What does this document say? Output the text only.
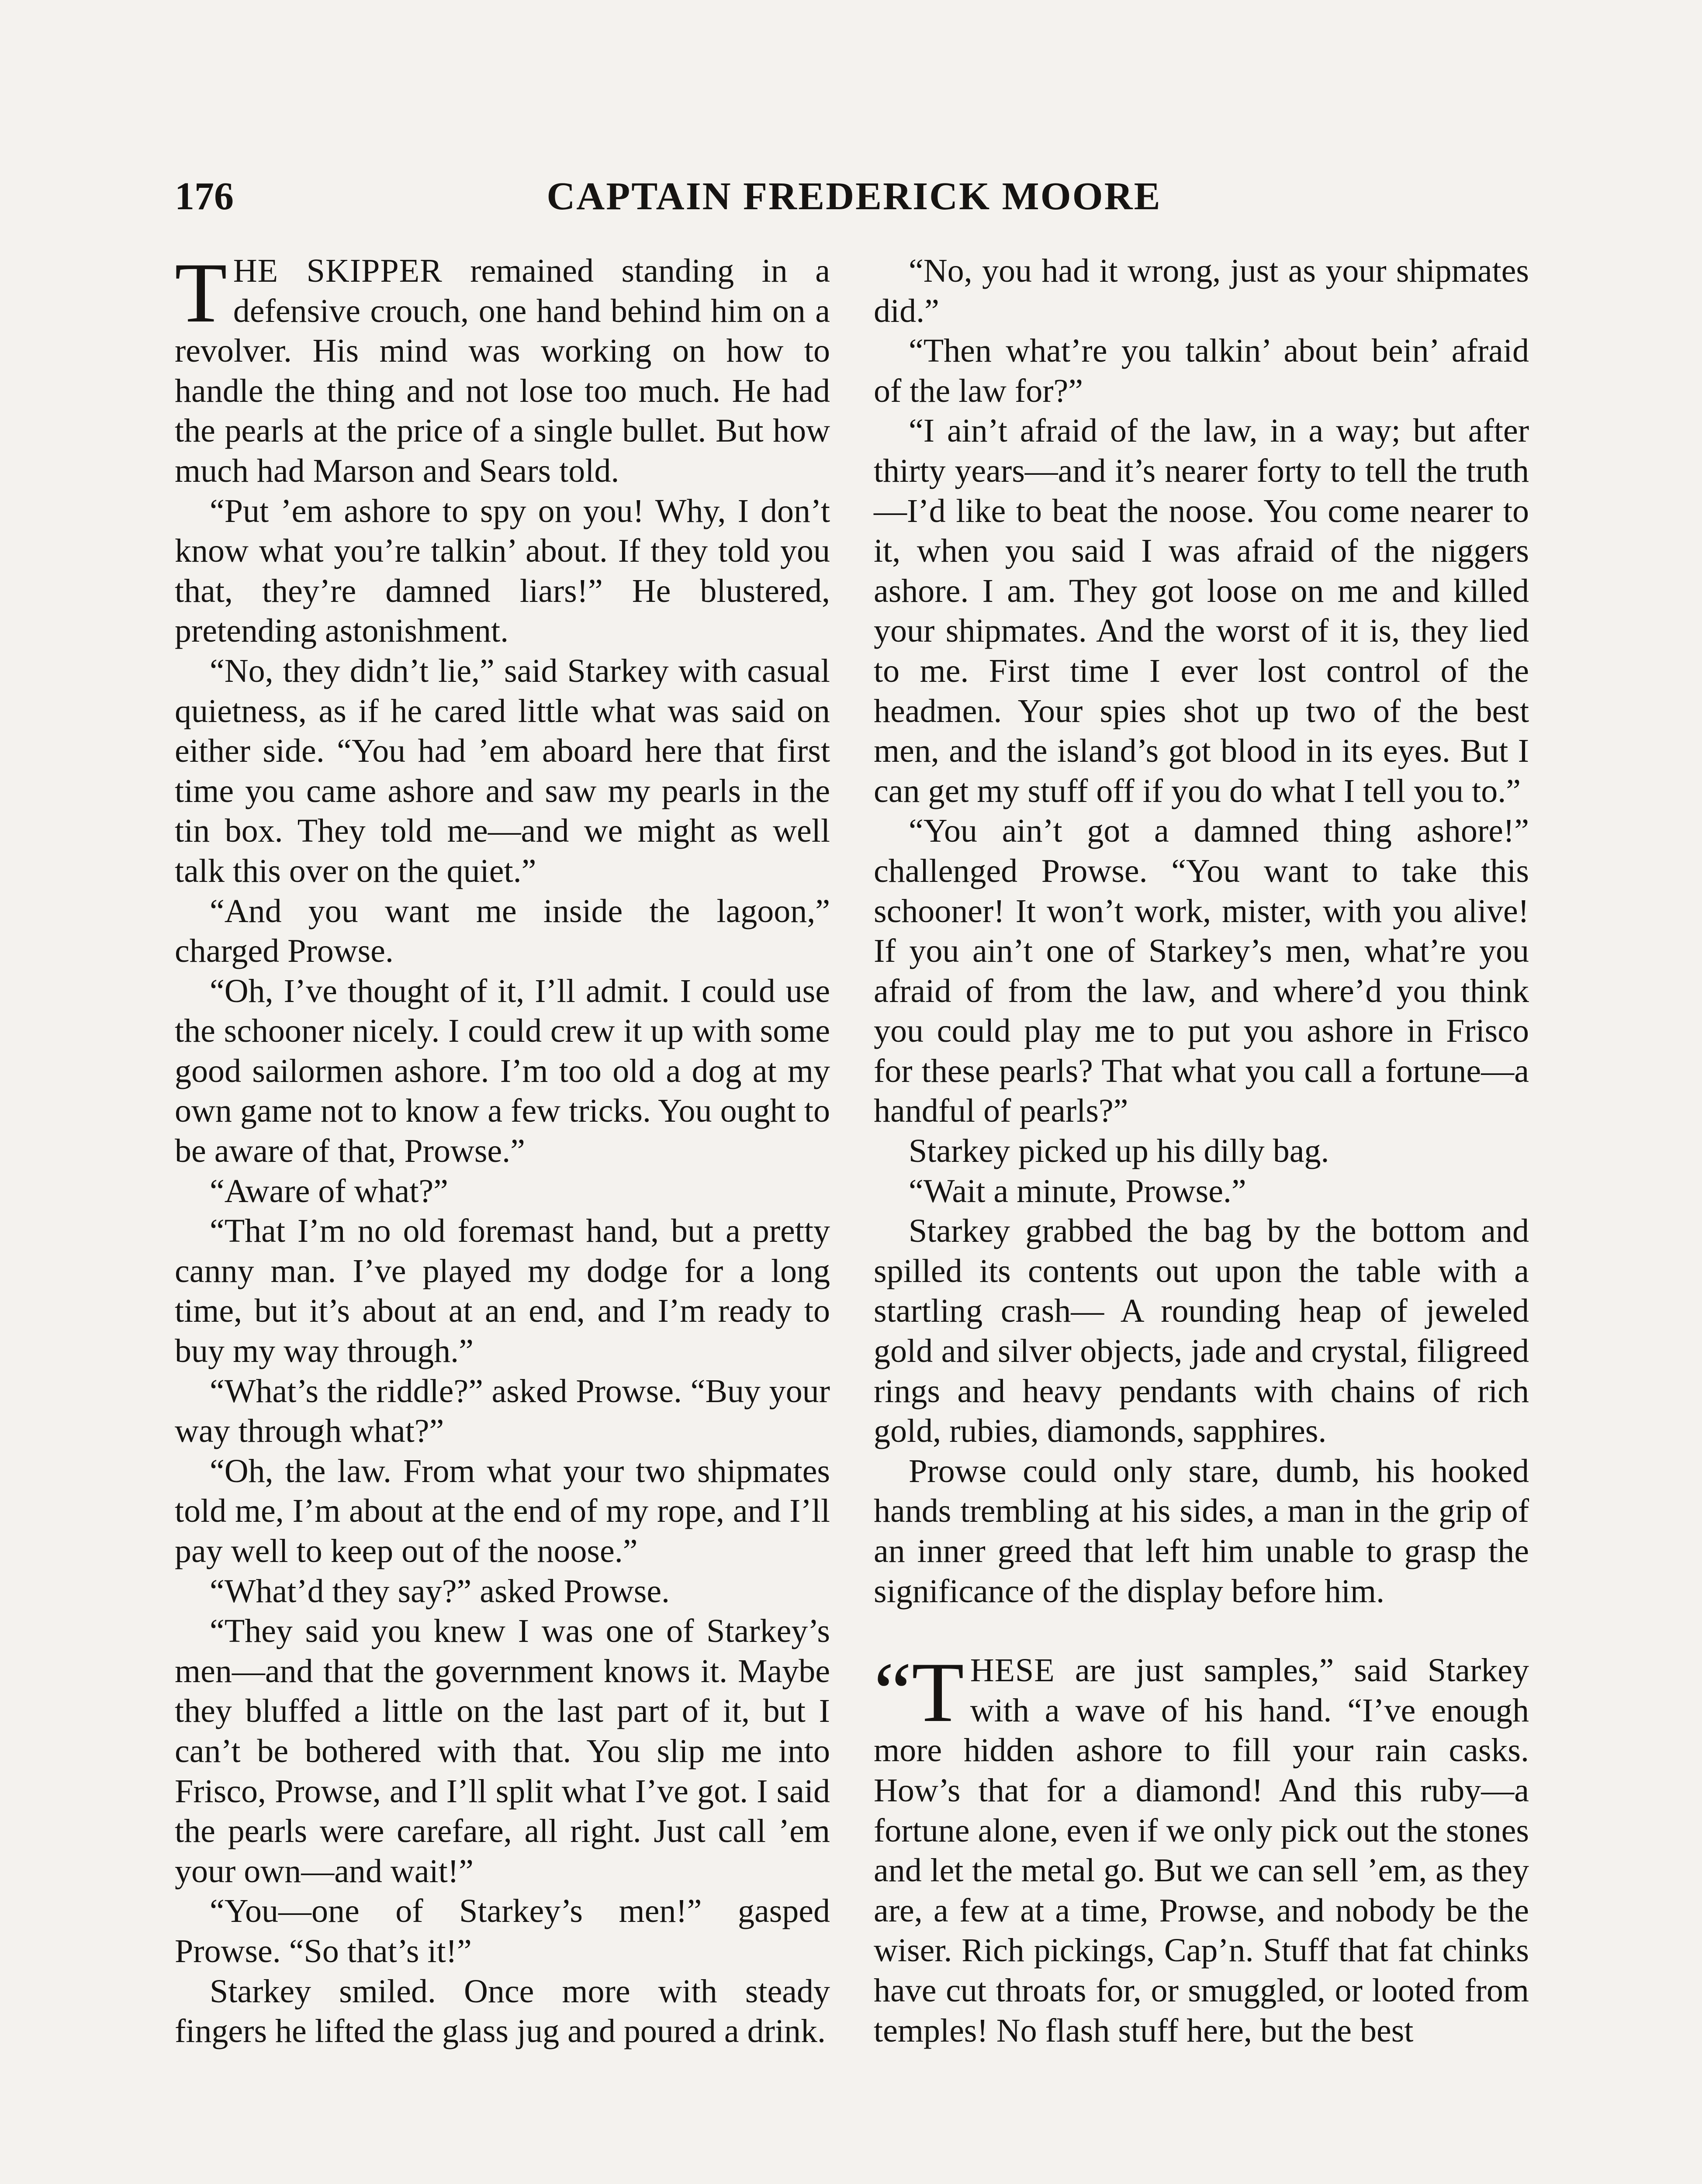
176	CAPTAIN FREDERICK MOORE

THE SKIPPER remained standing in a defensive crouch, one hand behind him on a revolver. His mind was working on how to handle the thing and not lose too much. He had the pearls at the price of a single bullet. But how much had Marson and Sears told.

“Put ’em ashore to spy on you! Why, I don’t know what you’re talkin’ about. If they told you that, they’re damned liars!” He blustered, pretending astonishment.

“No, they didn’t lie,” said Starkey with casual quietness, as if he cared little what was said on either side. “You had ’em aboard here that first time you came ashore and saw my pearls in the tin box. They told me—and we might as well talk this over on the quiet.”

“And you want me inside the lagoon,” charged Prowse.

“Oh, I’ve thought of it, I’ll admit. I could use the schooner nicely. I could crew it up with some good sailormen ashore. I’m too old a dog at my own game not to know a few tricks. You ought to be aware of that, Prowse.”

“Aware of what?”

“That I’m no old foremast hand, but a pretty canny man. I’ve played my dodge for a long time, but it’s about at an end, and I’m ready to buy my way through.”

“What’s the riddle?” asked Prowse. “Buy your way through what?”

“Oh, the law. From what your two shipmates told me, I’m about at the end of my rope, and I’ll pay well to keep out of the noose.”

“What’d they say?” asked Prowse.

“They said you knew I was one of Starkey’s men—and that the government knows it. Maybe they bluffed a little on the last part of it, but I can’t be bothered with that. You slip me into Frisco, Prowse, and I’ll split what I’ve got. I said the pearls were carefare, all right. Just call ’em your own—and wait!”

“You—one of Starkey’s men!” gasped Prowse. “So that’s it!”

Starkey smiled. Once more with steady fingers he lifted the glass jug and poured a drink.

“No, you had it wrong, just as your shipmates did.”

“Then what’re you talkin’ about bein’ afraid of the law for?”

“I ain’t afraid of the law, in a way; but after thirty years—and it’s nearer forty to tell the truth—I’d like to beat the noose. You come nearer to it, when you said I was afraid of the niggers ashore. I am. They got loose on me and killed your shipmates. And the worst of it is, they lied to me. First time I ever lost control of the headmen. Your spies shot up two of the best men, and the island’s got blood in its eyes. But I can get my stuff off if you do what I tell you to.”

“You ain’t got a damned thing ashore!” challenged Prowse. “You want to take this schooner! It won’t work, mister, with you alive! If you ain’t one of Starkey’s men, what’re you afraid of from the law, and where’d you think you could play me to put you ashore in Frisco for these pearls? That what you call a fortune—a handful of pearls?”

Starkey picked up his dilly bag.

“Wait a minute, Prowse.”

Starkey grabbed the bag by the bottom and spilled its contents out upon the table with a startling crash— A rounding heap of jeweled gold and silver objects, jade and crystal, filigreed rings and heavy pendants with chains of rich gold, rubies, diamonds, sapphires.

Prowse could only stare, dumb, his hooked hands trembling at his sides, a man in the grip of an inner greed that left him unable to grasp the significance of the display before him.

“T HESE are just samples,” said Starkey with a wave of his hand. “I’ve enough more hidden ashore to fill your rain casks. How’s that for a diamond! And this ruby—a fortune alone, even if we only pick out the stones and let the metal go. But we can sell ’em, as they are, a few at a time, Prowse, and nobody be the wiser. Rich pickings, Cap’n. Stuff that fat chinks have cut throats for, or smuggled, or looted from temples! No flash stuff here, but the best
